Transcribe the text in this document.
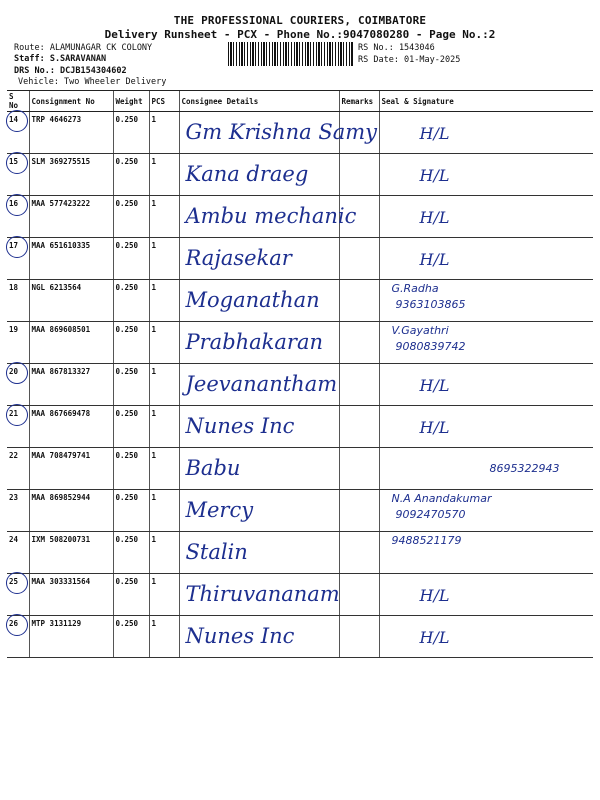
THE PROFESSIONAL COURIERS, COIMBATORE
Delivery Runsheet - PCX - Phone No.:9047080280 - Page No.:2
Route: ALAMUNAGAR CK COLONY
Staff: S.SARAVANAN
DRS No.: DCJB154304602
Vehicle: Two Wheeler Delivery
RS No.: 1543046
RS Date: 01-May-2025
S No	Consignment No	Weight	PCS	Consignee Details	Remarks	Seal & Signature
14	TRP 4646273	0.250	1	Gm Krishna Samy		H/L

15	SLM 369275515	0.250	1	Kana draeg		H/L

16	MAA 577423222	0.250	1	Ambu mechanic		H/L

17	MAA 651610335	0.250	1	Rajasekar		H/L

18	NGL 6213564	0.250	1	Moganathan		G.Radha
9363103865

19	MAA 869608501	0.250	1	Prabhakaran		V.Gayathri
9080839742

20	MAA 867813327	0.250	1	Jeevanantham		H/L

21	MAA 867669478	0.250	1	Nunes Inc		H/L

22	MAA 708479741	0.250	1	Babu		8695322943

23	MAA 869852944	0.250	1	Mercy		N.A Anandakumar
9092470570

24	IXM 508200731	0.250	1	Stalin		9488521179

25	MAA 303331564	0.250	1	Thiruvananam		H/L

26	MTP 3131129	0.250	1	Nunes Inc		H/L
